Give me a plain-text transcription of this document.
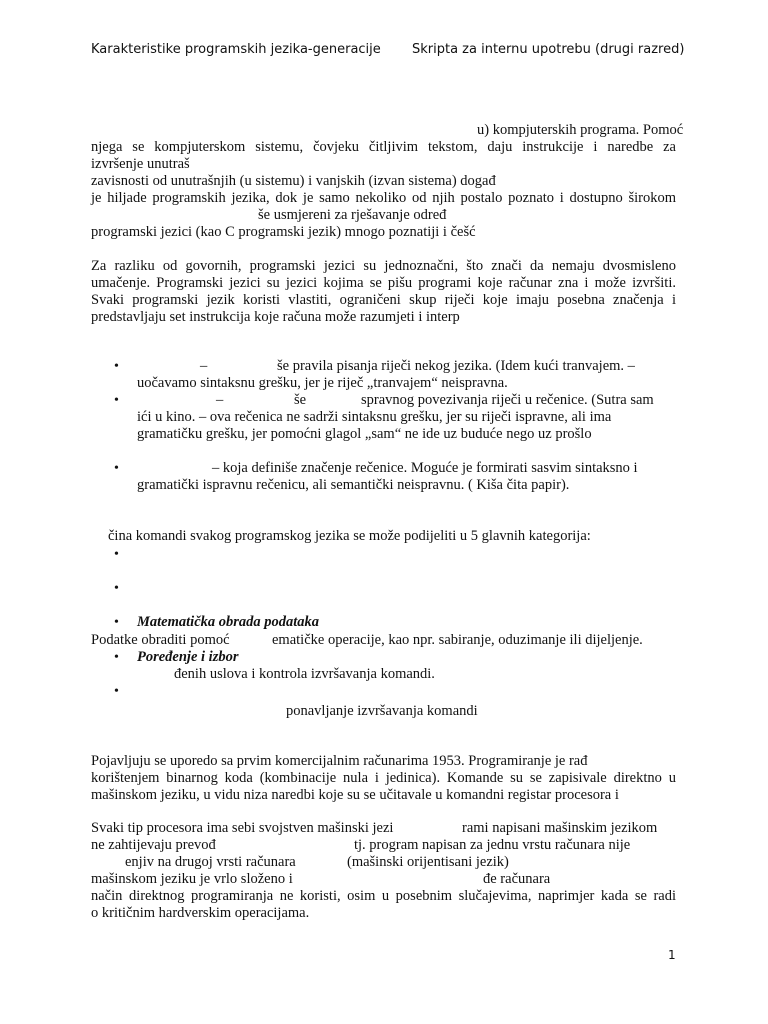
Karakteristike programskih jezika-generacije Skripta za internu upotrebu (drugi razred)
u) kompjuterskih programa. Pomoć
njega se kompjuterskom sistemu, čovjeku čitljivim tekstom, daju instrukcije i naredbe za
izvršenje unutraš
zavisnosti od unutrašnjih (u sistemu) i vanjskih (izvan sistema) događ
je hiljade programskih jezika, dok je samo nekoliko od njih postalo poznato i dostupno širokom
še usmjereni za rješavanje određ
programski jezici (kao C programski jezik) mnogo poznatiji i češć
Za razliku od govornih, programski jezici su jednoznačni, što znači da nemaju dvosmisleno
umačenje. Programski jezici su jezici kojima se pišu programi koje računar zna i može izvršiti.
Svaki programski jezik koristi vlastiti, ograničeni skup riječi koje imaju posebna značenja i
predstavljaju set instrukcija koje računa može razumjeti i interp
•	–	še pravila pisanja riječi nekog jezika. (Idem kući tranvajem. –
uočavamo sintaksnu grešku, jer je riječ „tranvajem“ neispravna.
•	–	še	spravnog povezivanja riječi u rečenice. (Sutra sam
ići u kino. – ova rečenica ne sadrži sintaksnu grešku, jer su riječi ispravne, ali ima
gramatičku grešku, jer pomoćni glagol „sam“ ne ide uz buduće nego uz prošlo
•	– koja definiše značenje rečenice. Moguće je formirati sasvim sintaksno i
gramatički ispravnu rečenicu, ali semantički neispravnu. ( Kiša čita papir).
čina komandi svakog programskog jezika se može podijeliti u 5 glavnih kategorija:
•
•
• Matematička obrada podataka
Podatke obraditi pomoć	ematičke operacije, kao npr. sabiranje, oduzimanje ili dijeljenje.
• Poređenje i izbor
đenih uslova i kontrola izvršavanja komandi.
•
ponavljanje izvršavanja komandi
Pojavljuju se uporedo sa prvim komercijalnim računarima 1953. Programiranje je rađ
korištenjem binarnog koda (kombinacije nula i jedinica). Komande su se zapisivale direktno u
mašinskom jeziku, u vidu niza naredbi koje su se učitavale u komandni registar procesora i
Svaki tip procesora ima sebi svojstven mašinski jezi	rami napisani mašinskim jezikom
ne zahtijevaju prevođ	tj. program napisan za jednu vrstu računara nije
enjiv na drugoj vrsti računara	(mašinski orijentisani jezik)
mašinskom jeziku je vrlo složeno i	đe računara
način direktnog programiranja ne koristi, osim u posebnim slučajevima, naprimjer kada se radi
o kritičnim hardverskim operacijama.
1
